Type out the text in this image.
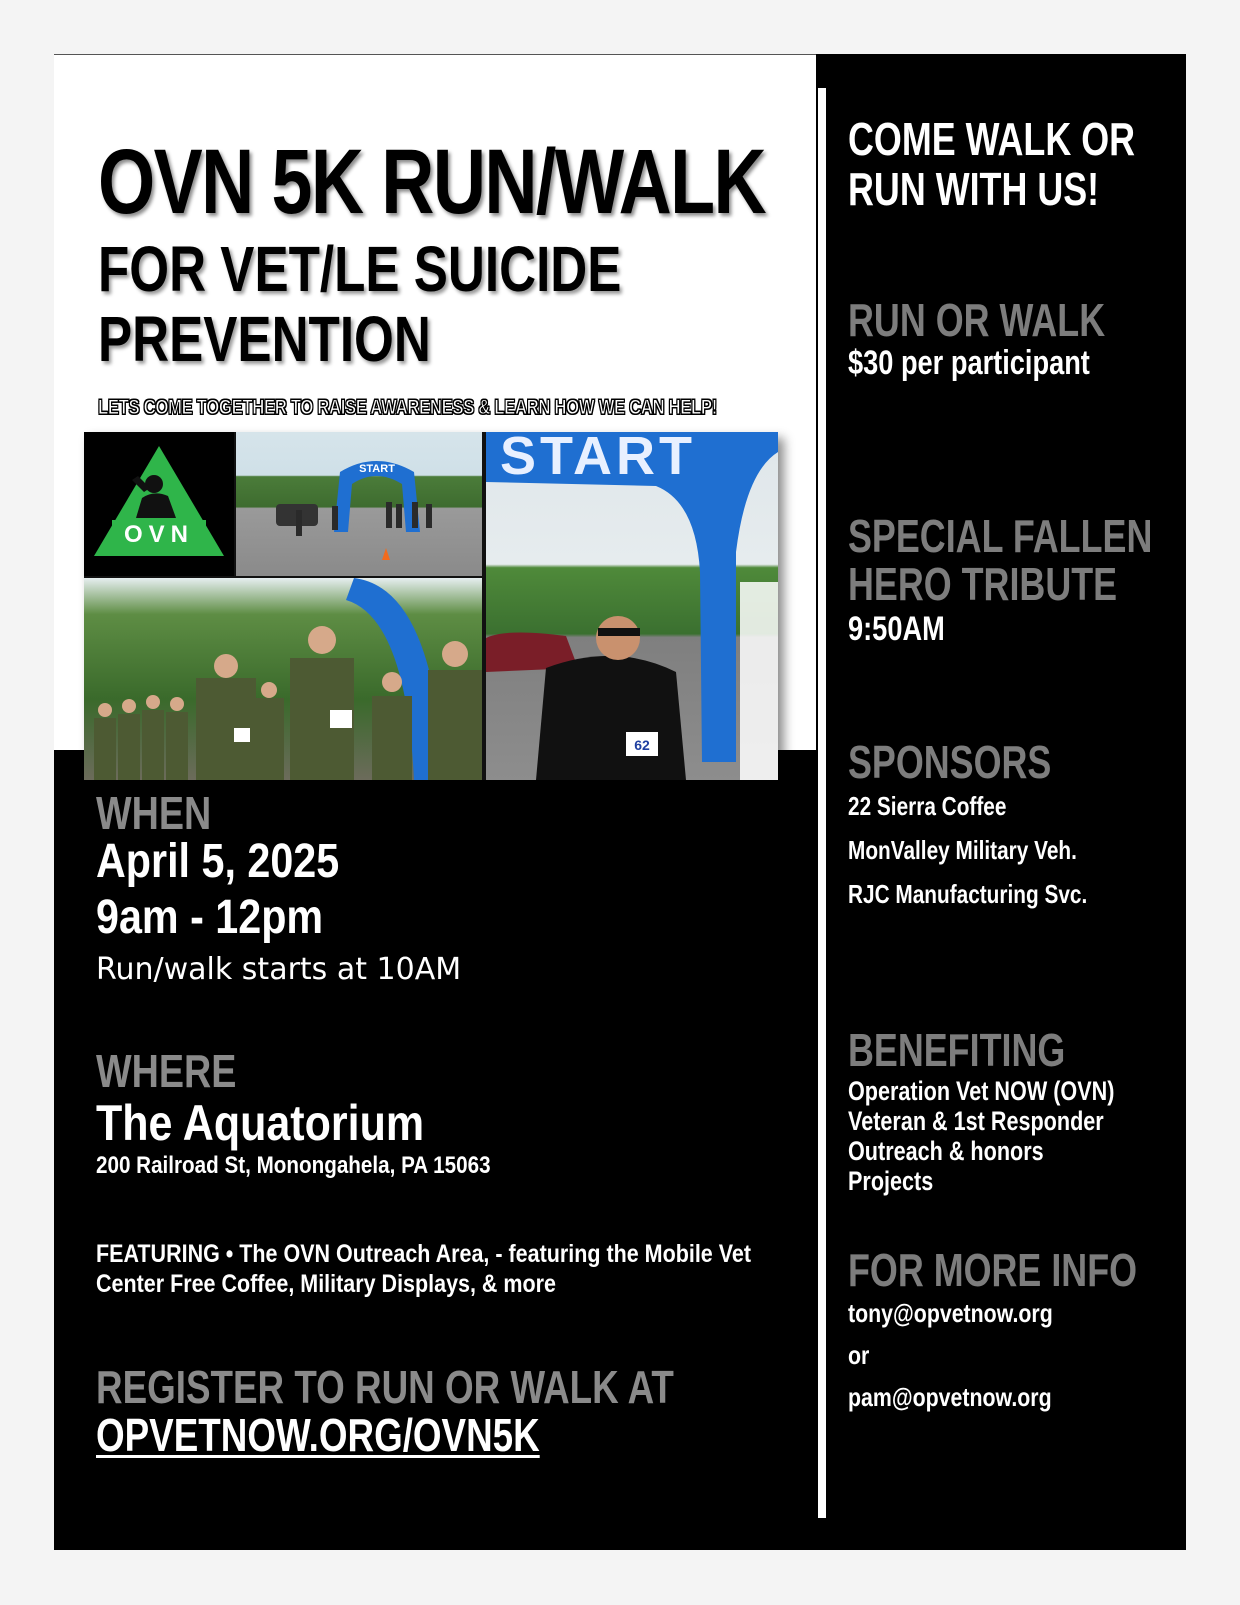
OVN 5K RUN/WALK
FOR VET/LE SUICIDE
PREVENTION
LETS COME TOGETHER TO RAISE AWARENESS & LEARN HOW WE CAN HELP!
OVN
START START
62
WHEN
April 5, 2025
9am - 12pm
Run/walk starts at 10AM
WHERE
The Aquatorium
200 Railroad St, Monongahela, PA 15063
FEATURING • The OVN Outreach Area, - featuring the Mobile Vet Center Free Coffee, Military Displays, & more
REGISTER TO RUN OR WALK AT
OPVETNOW.ORG/OVN5K
COME WALK OR
RUN WITH US!
RUN OR WALK
$30 per participant
SPECIAL FALLEN
HERO TRIBUTE
9:50AM
SPONSORS
22 Sierra Coffee
MonValley Military Veh.
RJC Manufacturing Svc.
BENEFITING
Operation Vet NOW (OVN)
Veteran & 1st Responder
Outreach & honors
Projects
FOR MORE INFO
tony@opvetnow.org
or
pam@opvetnow.org
